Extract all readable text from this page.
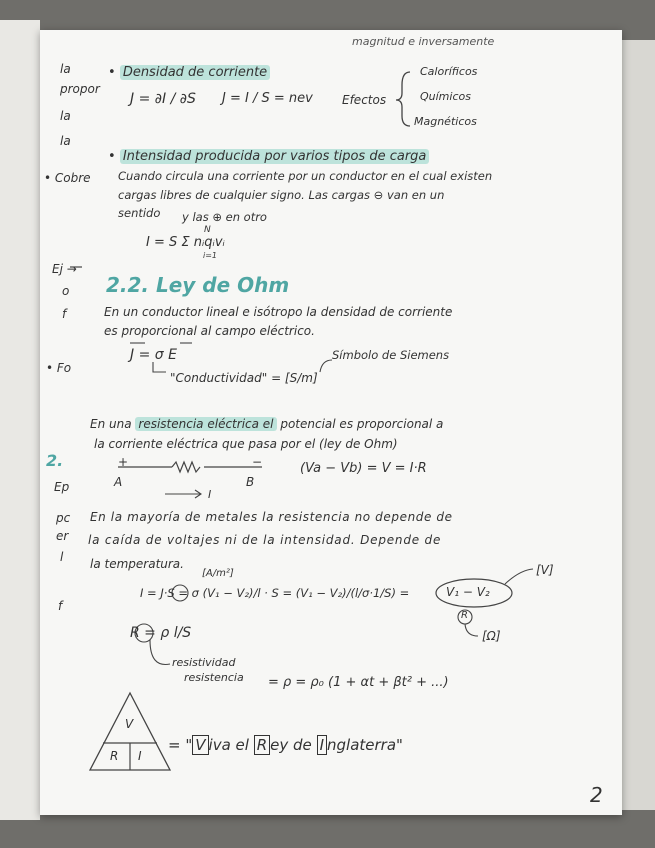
magnitud e inversamente
la
propor
la
la
• Cobre
Ej →
o
f
• Fo
2.
Ep
pc
er
l
f
• Densidad de corriente
J = ∂I / ∂S J = I / S = nev Efectos
Caloríficos
Químicos
Magnéticos
• Intensidad producida por varios tipos de carga
Cuando circula una corriente por un conductor en el cual existen
cargas libres de cualquier signo. Las cargas ⊖ van en un
sentido y las ⊕ en otro
N
I = S Σ nᵢqᵢvᵢ
i=1
2.2. Ley de Ohm
En un conductor lineal e isótropo la densidad de corriente
es proporcional al campo eléctrico.
J = σ E	Símbolo de Siemens
"Conductividad" = [S/m]
En una resistencia eléctrica el potencial es proporcional a
la corriente eléctrica que pasa por el (ley de Ohm)
+	−
A	B
I
(Va − Vb) = V = I·R
En la mayoría de metales la resistencia no depende de
la caída de voltajes ni de la intensidad. Depende de
la temperatura.
[A/m²]
I = J·S = σ (V₁ − V₂)/l · S = (V₁ − V₂)/(l/σ·1/S) =	V₁ − V₂
[V]
R
[Ω]
R = ρ l/S
resistividad
resistencia = ρ = ρ₀ (1 + αt + βt² + ...)
V
R I
= " V iva el R ey de I nglaterra"
2
